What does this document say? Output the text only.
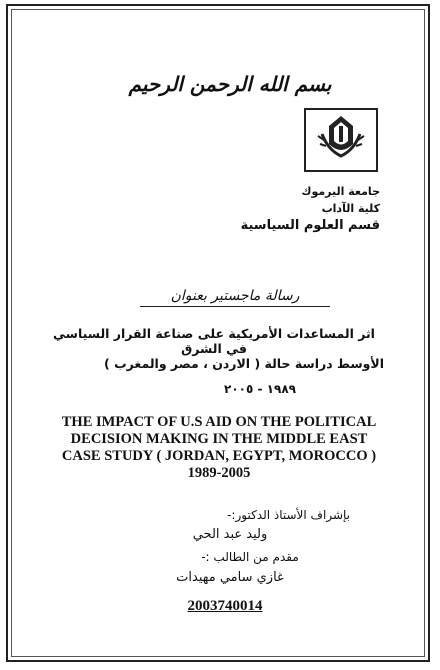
بسم الله الرحمن الرحيم
جامعة اليرموك
كلية الآداب
قسم العلوم السياسية
رسالة ماجستير بعنوان
اثر المساعدات الأمريكية على صناعة القرار السياسي في الشرق
الأوسط دراسة حالة ( الاردن ، مصر والمغرب )
١٩٨٩ - ٢٠٠٥
THE IMPACT OF U.S AID ON THE POLITICAL
DECISION MAKING IN THE MIDDLE EAST
CASE STUDY ( JORDAN, EGYPT, MOROCCO )
1989-2005
بإشراف الأستاذ الدكتور:-
وليد عبد الحي
مقدم من الطالب :-
غازي سامي مهيدات
2003740014
